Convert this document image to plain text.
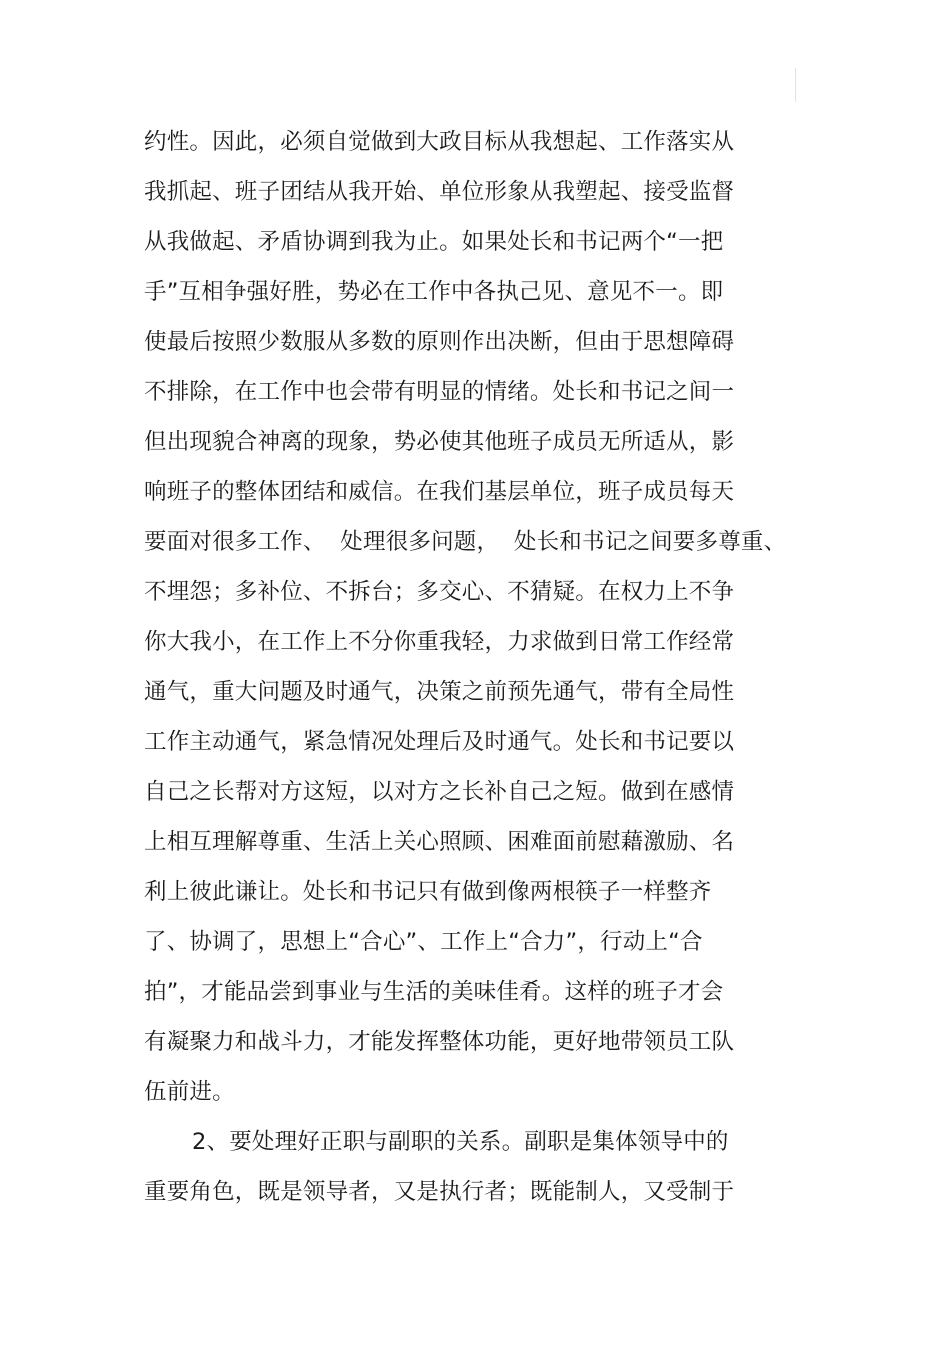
约性。因此，必须自觉做到大政目标从我想起、工作落实从
我抓起、班子团结从我开始、单位形象从我塑起、接受监督
从我做起、矛盾协调到我为止。如果处长和书记两个“一把
手”互相争强好胜，势必在工作中各执己见、意见不一。即
使最后按照少数服从多数的原则作出决断，但由于思想障碍
不排除，在工作中也会带有明显的情绪。处长和书记之间一
但出现貌合神离的现象，势必使其他班子成员无所适从，影
响班子的整体团结和威信。在我们基层单位，班子成员每天
要面对很多工作、  处理很多问题，  处长和书记之间要多尊重、
不埋怨；多补位、不拆台；多交心、不猜疑。在权力上不争
你大我小，在工作上不分你重我轻，力求做到日常工作经常
通气，重大问题及时通气，决策之前预先通气，带有全局性
工作主动通气，紧急情况处理后及时通气。处长和书记要以
自己之长帮对方这短，以对方之长补自己之短。做到在感情
上相互理解尊重、生活上关心照顾、困难面前慰藉激励、名
利上彼此谦让。处长和书记只有做到像两根筷子一样整齐
了、协调了，思想上“合心”、工作上“合力”，行动上“合
拍”，才能品尝到事业与生活的美味佳肴。这样的班子才会
有凝聚力和战斗力，才能发挥整体功能，更好地带领员工队
伍前进。
2、要处理好正职与副职的关系。副职是集体领导中的
重要角色，既是领导者，又是执行者；既能制人，又受制于
